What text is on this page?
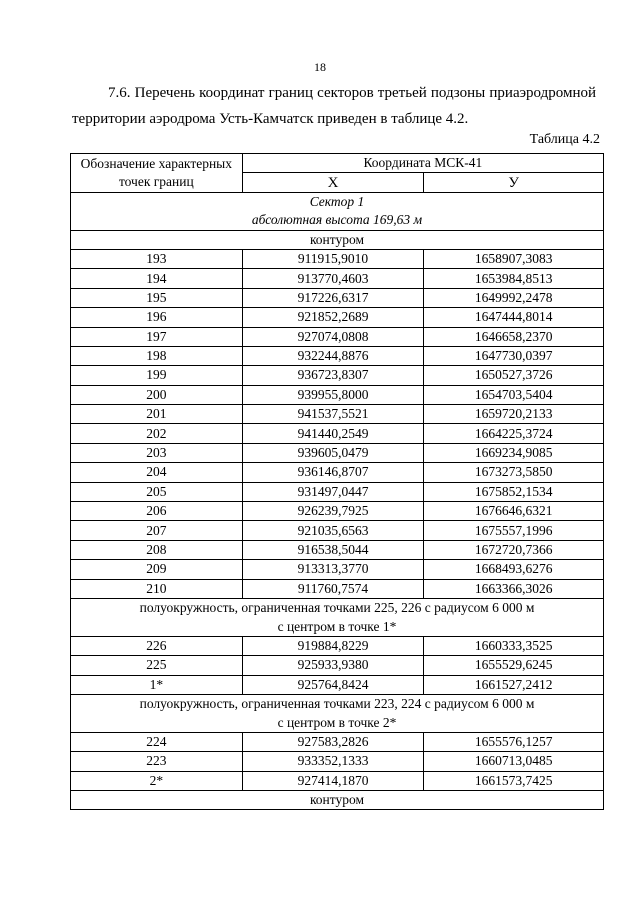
18
7.6. Перечень координат границ секторов третьей подзоны приаэродромной территории аэродрома Усть-Камчатск приведен в таблице 4.2.
Таблица 4.2
Обозначение характерных точек границ	Координата МСК-41	
	X	У
Сектор 1		
абсолютная высота 169,63 м		
контуром		
193	911915,9010	1658907,3083
194	913770,4603	1653984,8513
195	917226,6317	1649992,2478
196	921852,2689	1647444,8014
197	927074,0808	1646658,2370
198	932244,8876	1647730,0397
199	936723,8307	1650527,3726
200	939955,8000	1654703,5404
201	941537,5521	1659720,2133
202	941440,2549	1664225,3724
203	939605,0479	1669234,9085
204	936146,8707	1673273,5850
205	931497,0447	1675852,1534
206	926239,7925	1676646,6321
207	921035,6563	1675557,1996
208	916538,5044	1672720,7366
209	913313,3770	1668493,6276
210	911760,7574	1663366,3026
полуокружность, ограниченная точками 225, 226 с радиусом 6 000 м		
с центром в точке 1*		
226	919884,8229	1660333,3525
225	925933,9380	1655529,6245
1*	925764,8424	1661527,2412
полуокружность, ограниченная точками 223, 224 с радиусом 6 000 м		
с центром в точке 2*		
224	927583,2826	1655576,1257
223	933352,1333	1660713,0485
2*	927414,1870	1661573,7425
контуром		
